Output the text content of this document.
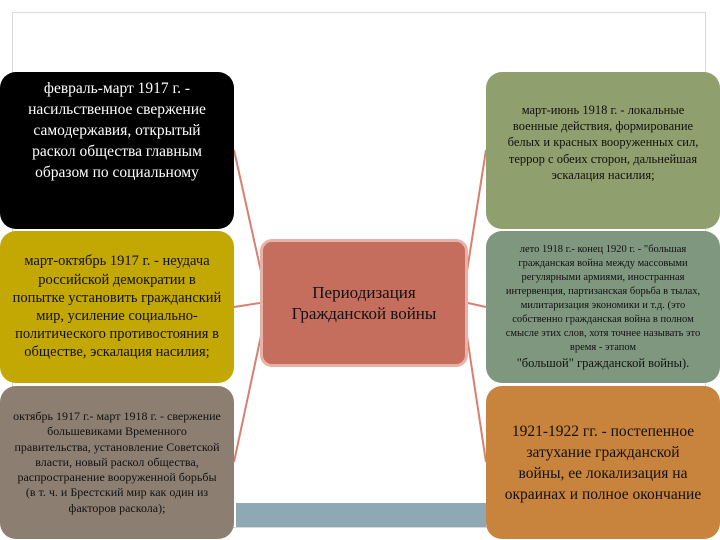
февраль-март 1917 г. - насильственное свержение самодержавия, открытый раскол общества главным образом по социальному
март-октябрь 1917 г. - неудача российской демократии в попытке установить гражданский мир, усиление социально-политического противостояния в обществе, эскалация насилия;
октябрь 1917 г.- март 1918 г. - свержение большевиками Временного правительства, установление Советской власти, новый раскол общества, распространение вооруженной борьбы (в т. ч. и Брестский мир как один из факторов раскола);
март-июнь 1918 г. - локальные военные действия, формирование белых и красных вооруженных сил, террор с обеих сторон, дальнейшая эскалация насилия;
лето 1918 г.- конец 1920 г. - "большая гражданская война между массовыми регулярными армиями, иностранная интервенция, партизанская борьба в тылах, милитаризация экономики и т.д. (это собственно гражданская война в полном смысле этих слов, хотя точнее называть это время - этапом
"большой" гражданской войны).
1921-1922 гг. - постепенное затухание гражданской войны, ее локализация на окраинах и полное окончание
Периодизация Гражданской войны
